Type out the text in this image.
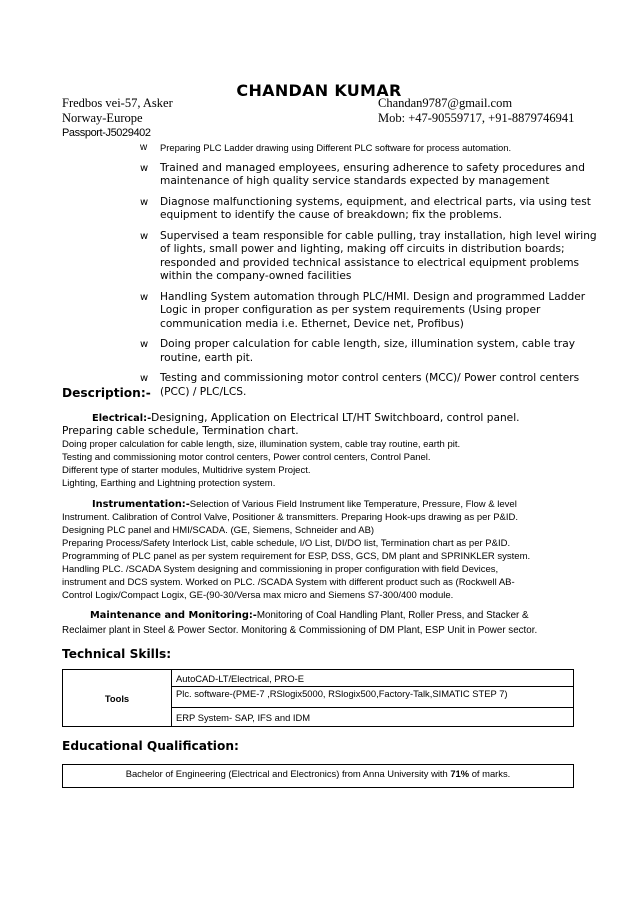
CHANDAN KUMAR
Fredbos vei-57, Asker
Norway-Europe
Chandan9787@gmail.com
Mob: +47-90559717, +91-8879746941
Passport-J5029402
w	Preparing PLC Ladder drawing using Different PLC software for process automation.
w	Trained and managed employees, ensuring adherence to safety procedures and maintenance of high quality service standards expected by management
w	Diagnose malfunctioning systems, equipment, and electrical parts, via using test equipment to identify the cause of breakdown; fix the problems.
w	Supervised a team responsible for cable pulling, tray installation, high level wiring of lights, small power and lighting, making off circuits in distribution boards; responded and provided technical assistance to electrical equipment problems within the company-owned facilities
w	Handling System automation through PLC/HMI. Design and programmed Ladder Logic in proper configuration as per system requirements (Using proper communication media i.e. Ethernet, Device net, Profibus)
w	Doing proper calculation for cable length, size, illumination system, cable tray routine, earth pit.
w	Testing and commissioning motor control centers (MCC)/ Power control centers (PCC) / PLC/LCS.
Description:-
Electrical:-Designing, Application on Electrical LT/HT Switchboard, control panel.
Preparing cable schedule, Termination chart.
Doing proper calculation for cable length, size, illumination system, cable tray routine, earth pit.
Testing and commissioning motor control centers, Power control centers, Control Panel.
Different type of starter modules, Multidrive system Project.
Lighting, Earthing and Lightning protection system.
Instrumentation:-Selection of Various Field Instrument like Temperature, Pressure, Flow & level
Instrument. Calibration of Control Valve, Positioner & transmitters. Preparing Hook-ups drawing as per P&ID.
Designing PLC panel and HMI/SCADA. (GE, Siemens, Schneider and AB)
Preparing Process/Safety Interlock List, cable schedule, I/O List, DI/DO list, Termination chart as per P&ID.
Programming of PLC panel as per system requirement for ESP, DSS, GCS, DM plant and SPRINKLER system.
Handling PLC. /SCADA System designing and commissioning in proper configuration with field Devices,
instrument and DCS system. Worked on PLC. /SCADA System with different product such as (Rockwell AB-
Control Logix/Compact Logix, GE-(90-30/Versa max micro and Siemens S7-300/400 module.
Maintenance and Monitoring:-Monitoring of Coal Handling Plant, Roller Press, and Stacker &
Reclaimer plant in Steel & Power Sector. Monitoring & Commissioning of DM Plant, ESP Unit in Power sector.
Technical Skills:
Tools	AutoCAD-LT/Electrical, PRO-E
Plc. software-(PME-7 ,RSlogix5000, RSlogix500,Factory-Talk,SIMATIC STEP 7)
ERP System- SAP, IFS and IDM
Educational Qualification:
Bachelor of Engineering (Electrical and Electronics) from Anna University with 71% of marks.
